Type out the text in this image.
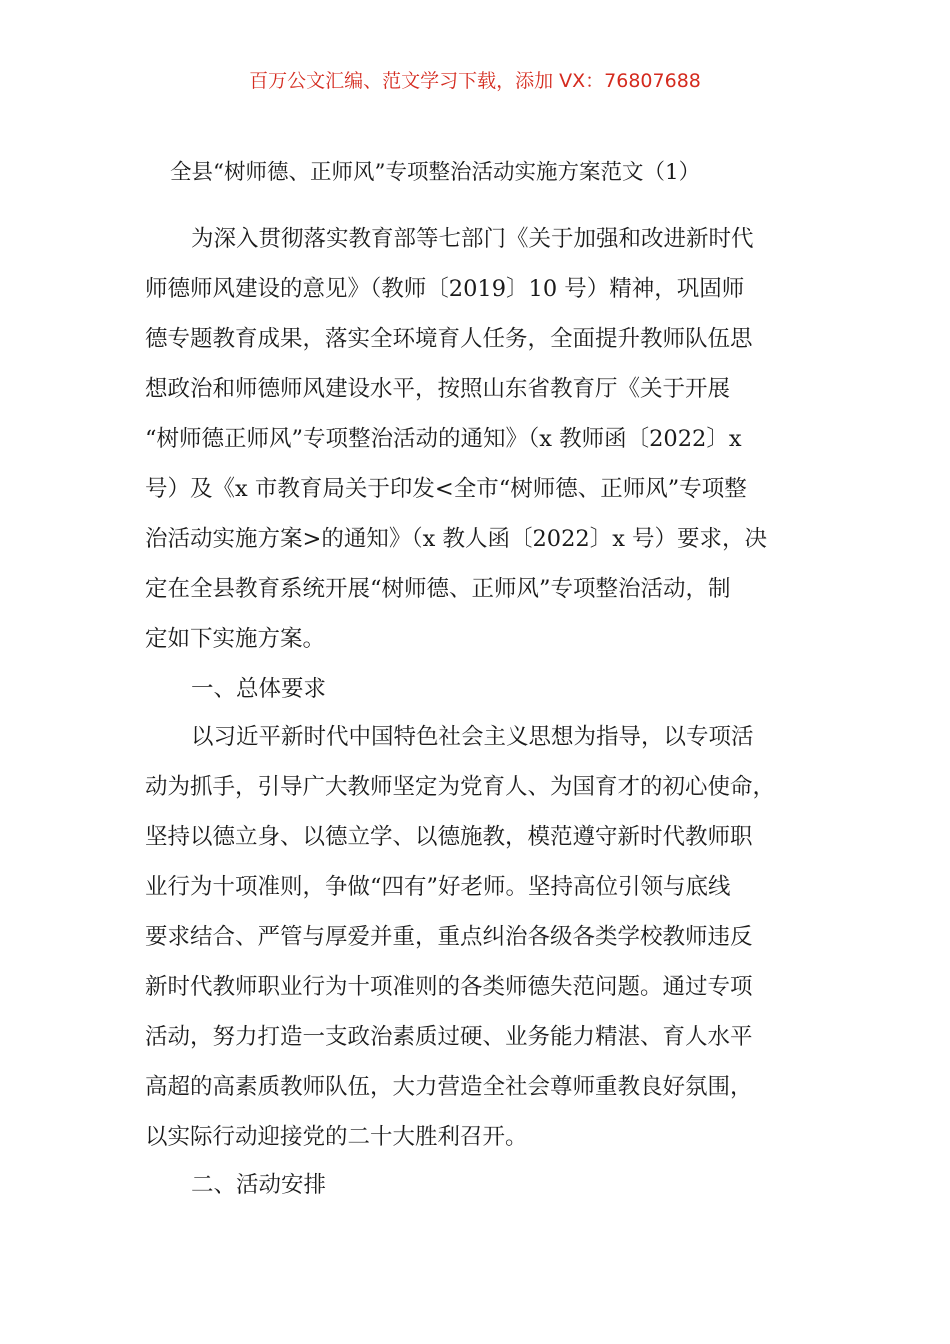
百万公文汇编、范文学习下载，添加 VX：76807688
全县“树师德、正师风”专项整治活动实施方案范文（1）
为深入贯彻落实教育部等七部门《关于加强和改进新时代
师德师风建设的意见》（教师〔2019〕10 号）精神，巩固师
德专题教育成果，落实全环境育人任务，全面提升教师队伍思
想政治和师德师风建设水平，按照山东省教育厅《关于开展
“树师德正师风”专项整治活动的通知》（x 教师函〔2022〕x
号）及《x 市教育局关于印发<全市“树师德、正师风”专项整
治活动实施方案>的通知》（x 教人函〔2022〕x 号）要求，决
定在全县教育系统开展“树师德、正师风”专项整治活动，制
定如下实施方案。
一、总体要求
以习近平新时代中国特色社会主义思想为指导，以专项活
动为抓手，引导广大教师坚定为党育人、为国育才的初心使命，
坚持以德立身、以德立学、以德施教，模范遵守新时代教师职
业行为十项准则，争做“四有”好老师。坚持高位引领与底线
要求结合、严管与厚爱并重，重点纠治各级各类学校教师违反
新时代教师职业行为十项准则的各类师德失范问题。通过专项
活动，努力打造一支政治素质过硬、业务能力精湛、育人水平
高超的高素质教师队伍，大力营造全社会尊师重教良好氛围，
以实际行动迎接党的二十大胜利召开。
二、活动安排
